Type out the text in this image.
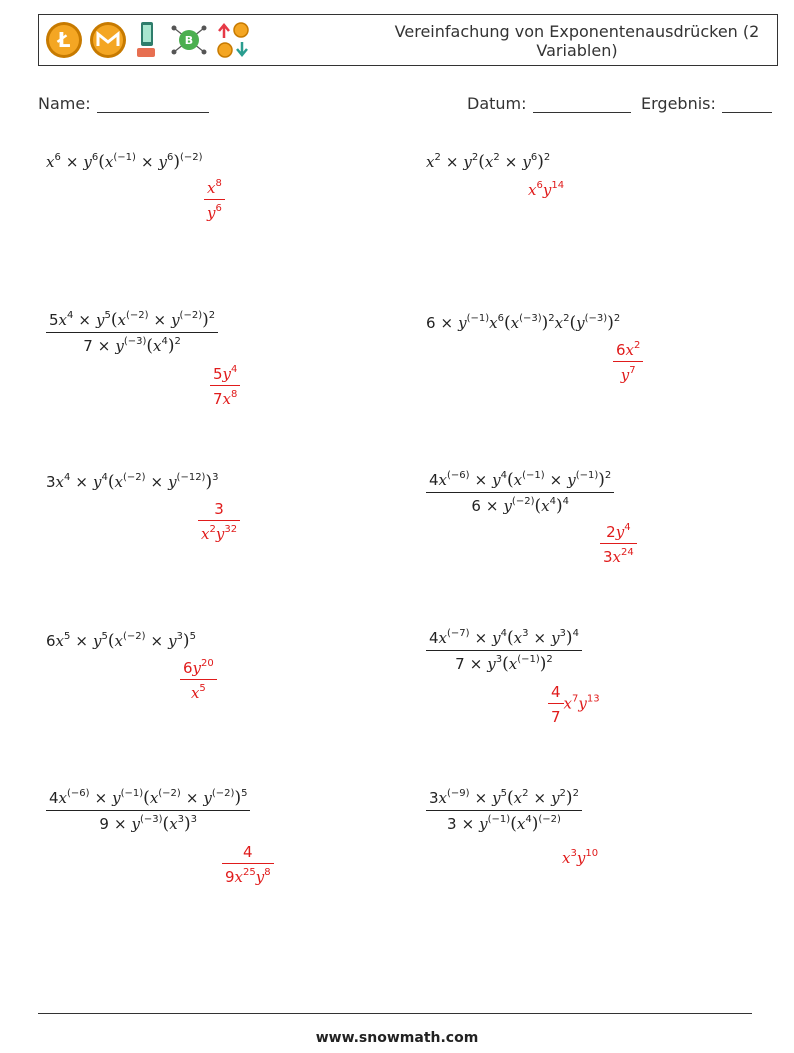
Ł	B	Vereinfachung von Exponentenausdrücken (2 Variablen)
Name:	Datum:	Ergebnis:
$x^6 \times y^6(x^{(-1)} \times y^6)^{(-2)}$
$\frac{x^8}{y^6}$
$x^2 \times y^2(x^2 \times y^6)^2$
$x^6y^{14}$
$\frac{5x^4 \times y^5(x^{(-2)} \times y^{(-2)})^2}{7 \times y^{(-3)}(x^4)^2}$
$\frac{5y^4}{7x^8}$
$6 \times y^{(-1)}x^6(x^{(-3)})^2x^2(y^{(-3)})^2$
$\frac{6x^2}{y^7}$
$3x^4 \times y^4(x^{(-2)} \times y^{(-12)})^3$
$\frac{3}{x^2y^{32}}$
$\frac{4x^{(-6)} \times y^4(x^{(-1)} \times y^{(-1)})^2}{6 \times y^{(-2)}(x^4)^4}$
$\frac{2y^4}{3x^{24}}$
$6x^5 \times y^5(x^{(-2)} \times y^3)^5$
$\frac{6y^{20}}{x^5}$
$\frac{4x^{(-7)} \times y^4(x^3 \times y^3)^4}{7 \times y^3(x^{(-1)})^2}$
$\frac{4}{7} x^7y^{13}$
$\frac{4x^{(-6)} \times y^{(-1)}(x^{(-2)} \times y^{(-2)})^5}{9 \times y^{(-3)}(x^3)^3}$
$\frac{4}{9x^{25}y^8}$
$\frac{3x^{(-9)} \times y^5(x^2 \times y^2)^2}{3 \times y^{(-1)}(x^4)^{(-2)}}$
$x^3y^{10}$
www.snowmath.com
